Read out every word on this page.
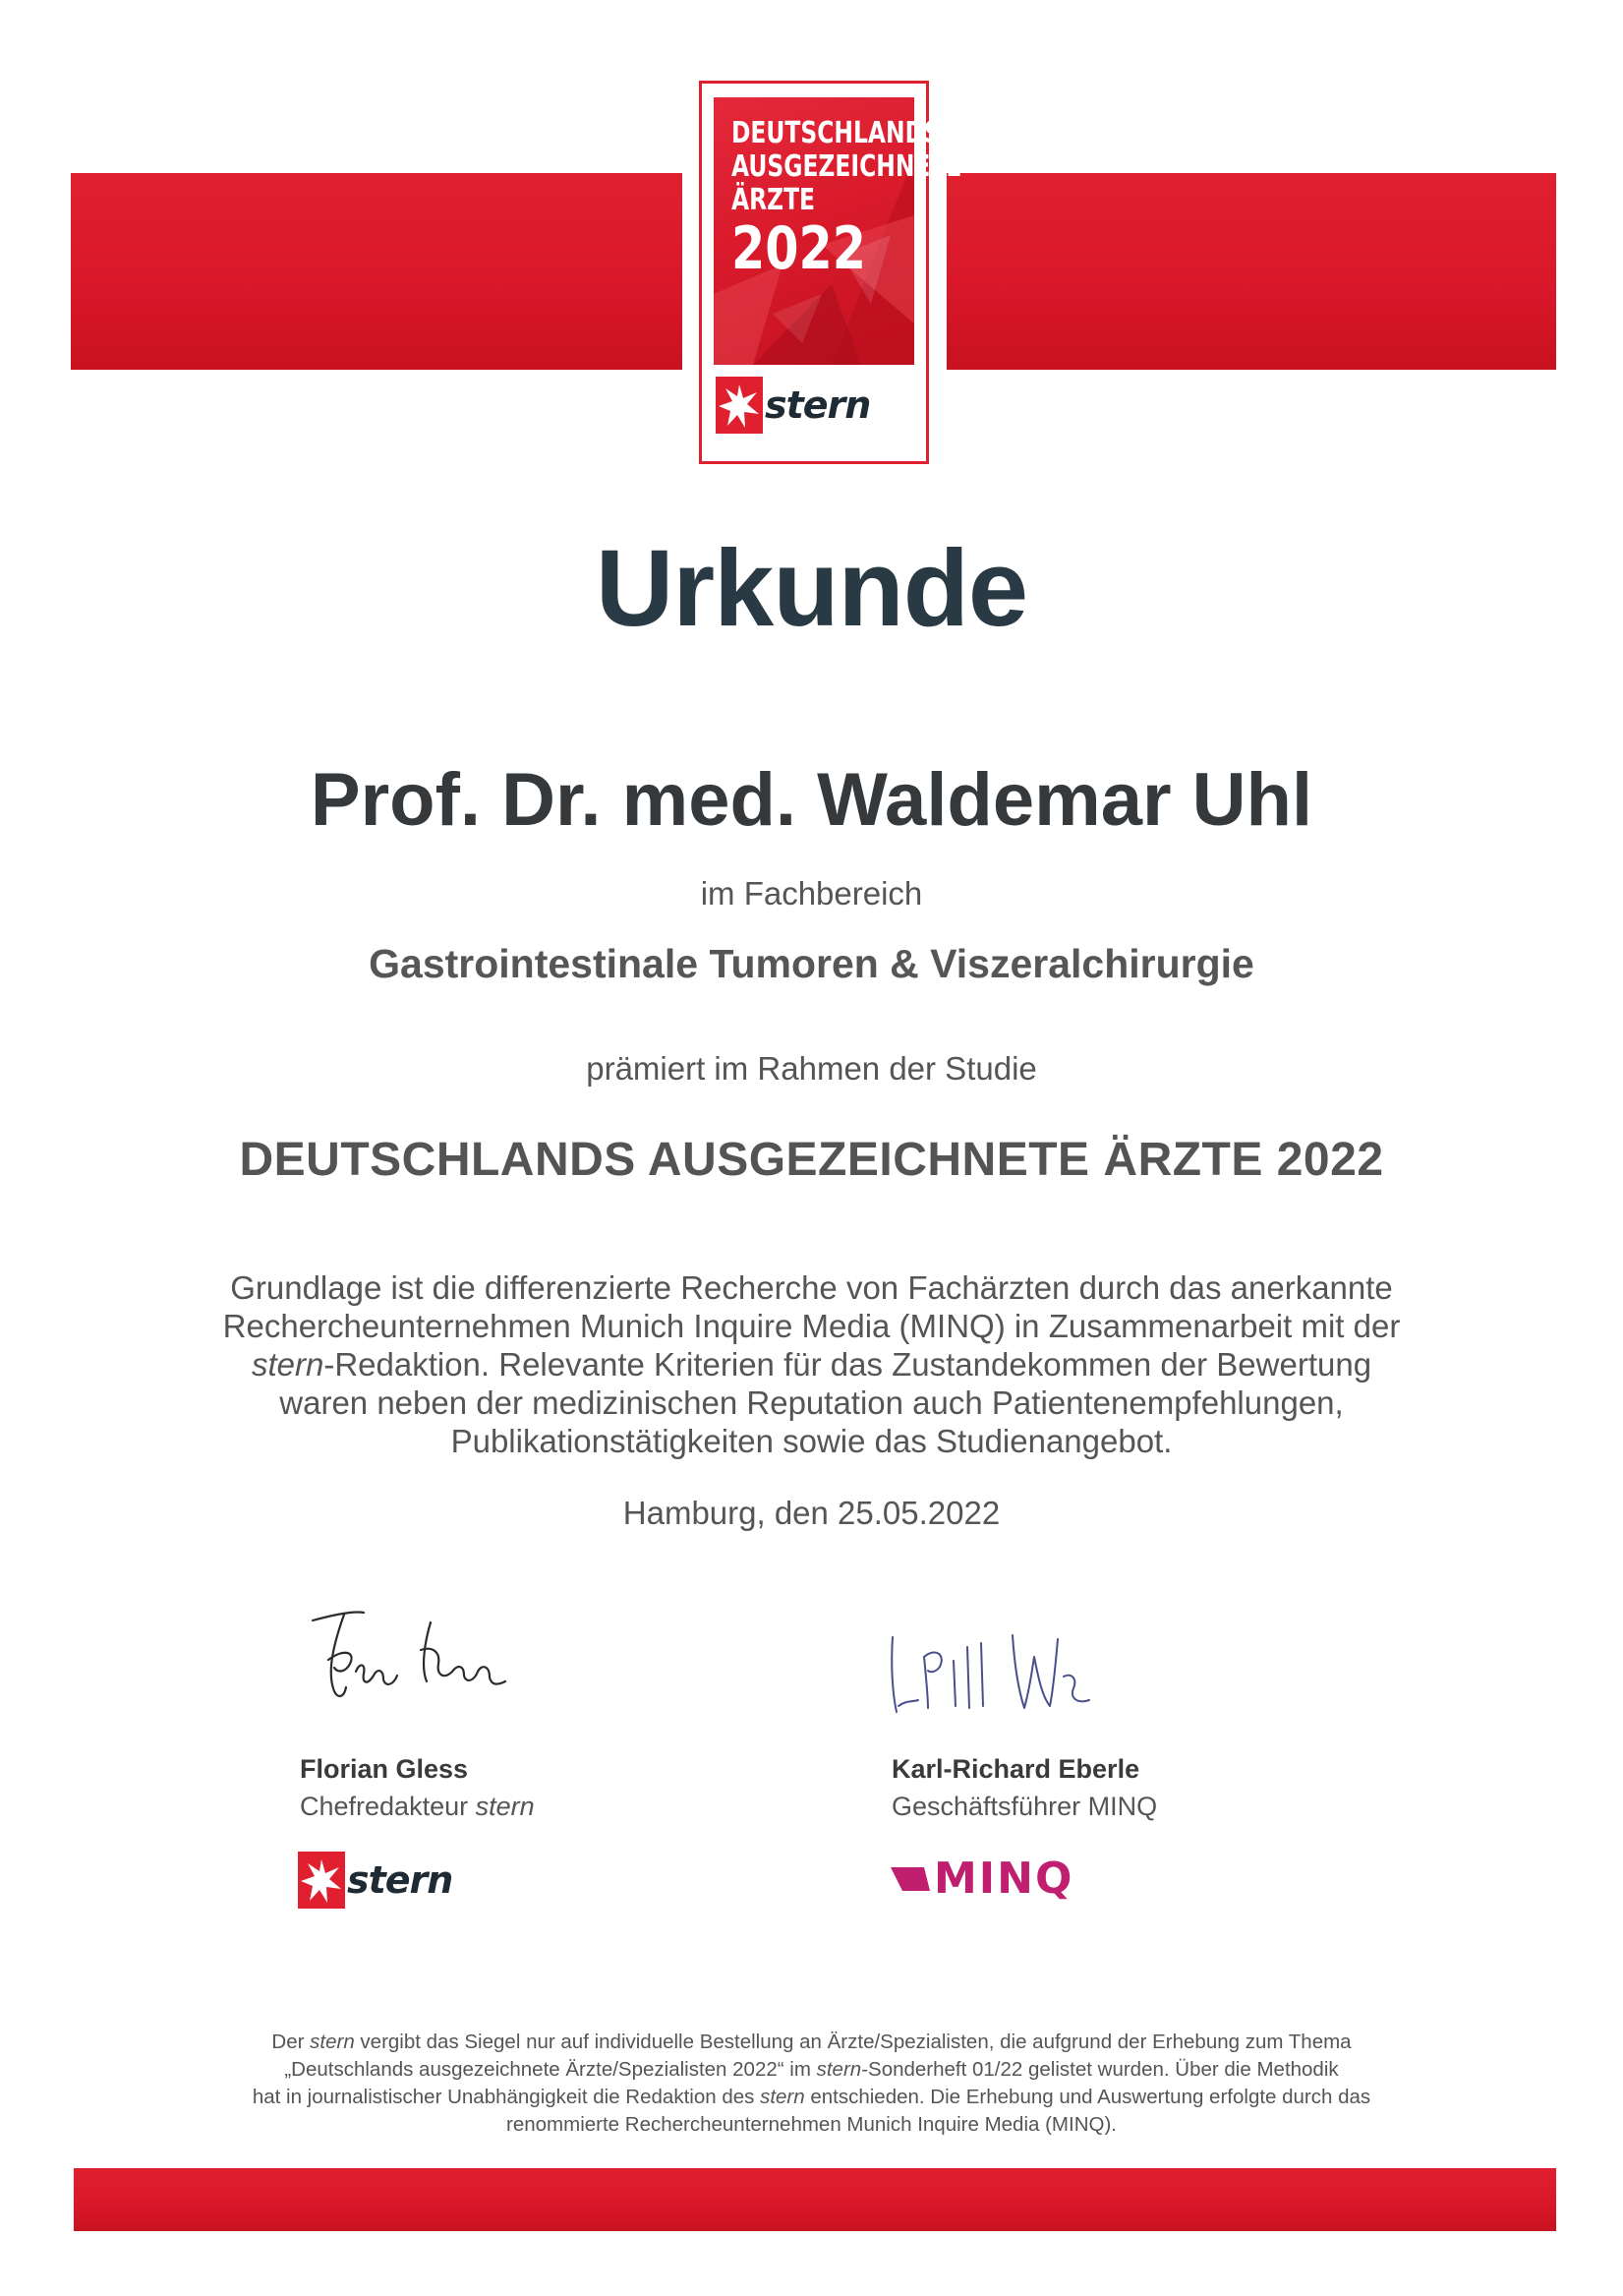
DEUTSCHLANDS
AUSGEZEICHNETE
ÄRZTE
2022
stern
Urkunde
Prof. Dr. med. Waldemar Uhl
im Fachbereich
Gastrointestinale Tumoren & Viszeralchirurgie
prämiert im Rahmen der Studie
DEUTSCHLANDS AUSGEZEICHNETE ÄRZTE 2022
Grundlage ist die differenzierte Recherche von Fachärzten durch das anerkannte
Rechercheunternehmen Munich Inquire Media (MINQ) in Zusammenarbeit mit der
stern-Redaktion. Relevante Kriterien für das Zustandekommen der Bewertung
waren neben der medizinischen Reputation auch Patientenempfehlungen,
Publikationstätigkeiten sowie das Studienangebot.
Hamburg, den 25.05.2022
Florian Gless
Chefredakteur stern
Karl-Richard Eberle
Geschäftsführer MINQ
stern	MINQ
Der stern vergibt das Siegel nur auf individuelle Bestellung an Ärzte/Spezialisten, die aufgrund der Erhebung zum Thema
„Deutschlands ausgezeichnete Ärzte/Spezialisten 2022“ im stern-Sonderheft 01/22 gelistet wurden. Über die Methodik
hat in journalistischer Unabhängigkeit die Redaktion des stern entschieden. Die Erhebung und Auswertung erfolgte durch das
renommierte Rechercheunternehmen Munich Inquire Media (MINQ).
